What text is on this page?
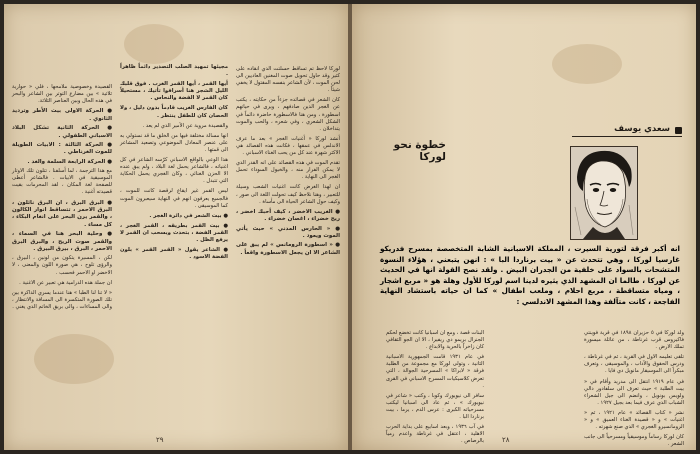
القصيدة وخصوصية ملامحها ، فلي « حوارية ثلاثية » بين مضارع التوتر بين الشاعر والبحر في هذه الحال وبين العناصر الثلاثة.

● الحركة الاولى بيت الأطر وترديد الثانوي .

● الحركة الثانية تشكل البلاد الاسباني الطفولي .

● الحركة الثالثة : الابيات الطويلة للموت الغرناطي .

● الحركة الرابعة السلمة والغد .

مع هذا الترجمة ، لما أسلفنا ، تتلون تلك الاوتار الموسيقية في الابيات . فالشاعر أعطى للصفحة لغة المكان ، لقد المحرمات بقيت قصيدته أغنية .

● البرق البرق ، ان البرق نائلون ، البرق الاحمر ، تتساقط انوار الكالون ، والقمر يرن البحر على انغام البكاء ، كل مساء .

● وحلية البحر هنا في السماء ، والقمر صوت الريح ، والبرق البرق الاحمر ، البرق ، بيرق البيرق .

لكن ، المسيرة يتكون من لونين ، البيرق ، والرؤى تلوح ، هي صورة اللون والمعنى ، لا الاخضر او الاحمر فحسب .

ان جملة هذه الدرامية هي تعبير عن الاغنية .

« لا تنا لنا الطبا » هنا عندما يسري الذاكرة بين تلك الصورة المتكسرة الى المسافة والانتظار ، والى المساءات ، والى بريق الخاتم الذي يغني .

مجيئها تمهيد الصلب التصدير دائماً ظاهراً .

أيها القمر ، أيها القمر الغرب . فوق قلبك الليل الشجر هنا أسرافوا تأتيك ، مستحيلاً كان القمر لا الفضة والنحاس .

كان الفارس الغريب قادماً بدون دليل ، ولا الحصان كان للطفل ينتظر .

والقصيدة مروية عن الأمير الذي لم يعد .

انها مسالة مختلفة فيها من الخلق ما قد نستولي به على عنصر المعادل الموضوعي وتصعيد المشاعر الى قمتها .

هذا الوعي بالواقع الاسباني كرّسه الشاعر في كل اغنياته ، فالشاعر يحمل لغة البلاد ، ولم يبق عنده الا الحزن الغنائي ، وكان الغجري يحمل الحكاية التي تتبدل .

ليس القمر غير ايقاع لرقصة كانت للموت ، فالجميع يعرفون انهم في النهاية سيعبرون الموت كما الموسيقى .

● بيت الشعر في دائرة الغجر .

● بيت القمر بطريقه ، القمر الغجر ، القمر الفضة ، بتحدث وبسحب ان القمر لا يرفع الظل .

● الشاعر يقول « القمر القمر » بلون الفضة الاسود .

لوركا لاحظ تم تساقط حسلتت الذي انقاده على كثير وقد حاول تحويل صوت المغنين العاديين الى لحن الموت ، لأن الشاعر بنفسه المقتول لا يخفي شيئاً .

كان الشعر في قصائده جزءاً من حكايته ، يكتب عن الغجر الذين صادفهم ، ويرى في حياتهم اسطورة ، ومن هنا فالاسطورة حاضرة دائماً في الشكل الشعري ، وفي شعره ، والحب والموت يتداخلان .

أنشد لوركا « أغنيات الغجر » بعد ما عرف الاندلس في عمقها ، فكانت هذه القصائد هي الاكثر شهرة عند كل من يحب الغناء الاسباني .

تقدم الموت في هذه القصائد على انه القدر الذي لا يمكن الفرار منه ، والخيول السوداء تحمل الغجر الى النهاية .

ان لهذا الغرض كانت اغنيات الشعب وسيلة للتعبير ، وهنا نلاحظ كيف تحولت اللغة الى صور ، وكيف حول الشاعر الحياة الى مأساة .

● الغريب الاخضر ، كيف أحبك اخضر ، ريح خضراء ، اغصان خضراء .

● « الحارس المدني » حيث يأتي الموت ويعود .

● « اسطورة الرومانس » لم يبق على الشاعر الا ان يجعل الاسطورة واقعاً .

٢٩	٢٨
سعدي يوسف
خطوة نحو لوركا

انه أكبر فرقة لتورية السيرت ، المملكة الاسبانية الشابة المتخصصة بمسرح فدريكو غارسيا لوركا ، وهي تتحدث عن « بيت برناردا البا » : انهن يتبعني ، هؤلاء النسوة المتشحات بالسواد على خلفية من الجدران البيض . ولقد نصح القولة انها في الحديث عن لوركا ، طالما ان المشهد الذي يثيره لدينا اسم لوركا للأول وهلة هو « مربع اشجار ، ومياه متساقطة ، مربع احلام ، وملعب اطفال » كما ان حياته باستشاد النهاية الفاجعة ، كانت متآلفة وهذا المشهد الاندلسي :

البنات قصة ، ومع ان اسبانيا كانت تخضع لحكم الجنرال بريمو دي ريفيرا ، الا ان الجو الثقافي كان زاخراً بالحرية والابداع .

في عام ١٩٣١ قامت الجمهورية الاسبانية الثانية ، وتولى لوركا مع مجموعة من الطلبة فرقة « لابراكا » المسرحية الجوالة ، التي تعرض كلاسيكيات المسرح الاسباني في القرى .

سافر الى نيويورك وكوبا ، وكتب « شاعر في نيويورك » ، ثم عاد الى اسبانيا ليكتب مسرحياته الكبرى : عرس الدم ، يرما ، بيت برناردا البا .

في آب ١٩٣٦ ، وبعد اسابيع على بداية الحرب الاهلية ، اعتقل في غرناطة واعدم رمياً بالرصاص .

ولد لوركا في ٥ حزيران ١٨٩٨ في قرية فوينتي فاكيروس قرب غرناطة ، من عائلة ميسورة تملك الارض .

تلقى تعليمه الاول في القرية ، ثم في غرناطة ، ودرس الحقوق والآداب ، والموسيقى ، وتعرف مبكراً الى الموسيقار مانويل دي فايا .

في عام ١٩١٩ انتقل الى مدريد وأقام في « بيت الطلبة » حيث تعرف الى سلفادور دالي ولويس بونويل ، وانضم الى جيل الشعراء الشباب الذي عرف فيما بعد بجيل ١٩٢٧ .

نشر « كتاب القصائد » عام ١٩٢١ ، ثم « اغنيات » و « قصيدة الغناء العميق » و « الرومانسيرو الغجري » الذي صنع شهرته .

كان لوركا رساماً وموسيقياً ومسرحياً الى جانب الشعر .
